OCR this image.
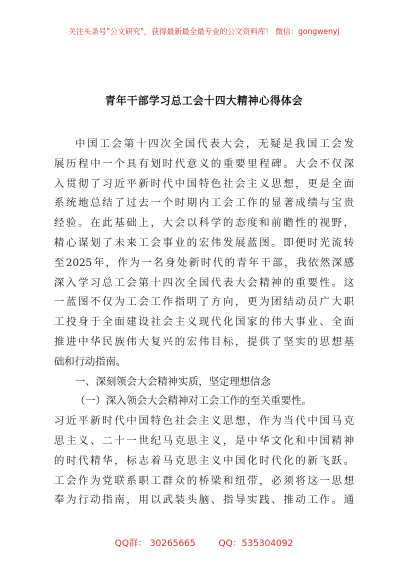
关注头条号"公文研究"，获得最新最全最专业的公文资料库！ 微信：gongwenyj
青年干部学习总工会十四大精神心得体会
中国工会第十四次全国代表大会，无疑是我国工会发
展历程中一个具有划时代意义的重要里程碑。大会不仅深
入贯彻了习近平新时代中国特色社会主义思想，更是全面
系统地总结了过去一个时期内工会工作的显著成绩与宝贵
经验。在此基础上，大会以科学的态度和前瞻性的视野，
精心谋划了未来工会事业的宏伟发展蓝图。即便时光流转
至2025年，作为一名身处新时代的青年干部，我依然深感
深入学习总工会第十四次全国代表大会精神的重要性。这
一蓝图不仅为工会工作指明了方向，更为团结动员广大职
工投身于全面建设社会主义现代化国家的伟大事业、全面
推进中华民族伟大复兴的宏伟目标，提供了坚实的思想基
础和行动指南。
一、深刻领会大会精神实质，坚定理想信念
（一）深入领会大会精神对工会工作的至关重要性。
习近平新时代中国特色社会主义思想，作为当代中国马克
思主义、二十一世纪马克思主义，是中华文化和中国精神
的时代精华，标志着马克思主义中国化时代化的新飞跃。
工会作为党联系职工群众的桥梁和纽带，必须将这一思想
奉为行动指南，用以武装头脑、指导实践、推动工作。通
QQ群： 30265665	QQ：535304092
